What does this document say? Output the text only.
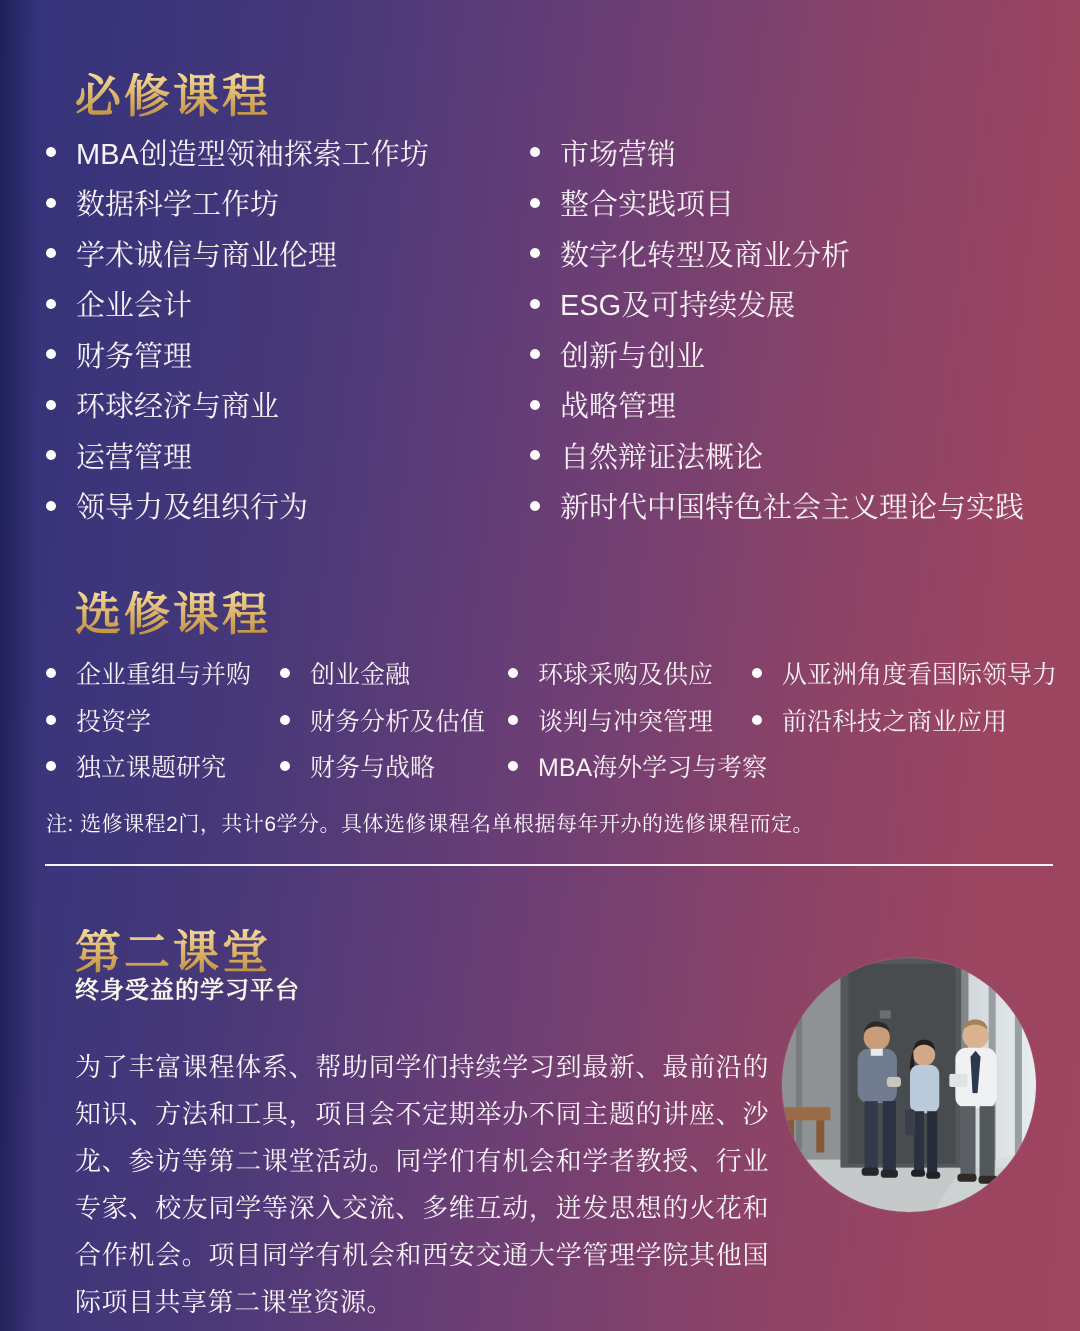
必修课程
MBA创造型领袖探索工作坊
数据科学工作坊
学术诚信与商业伦理
企业会计
财务管理
环球经济与商业
运营管理
领导力及组织行为
市场营销
整合实践项目
数字化转型及商业分析
ESG及可持续发展
创新与创业
战略管理
自然辩证法概论
新时代中国特色社会主义理论与实践
选修课程
企业重组与并购
投资学
独立课题研究
创业金融
财务分析及估值
财务与战略
环球采购及供应
谈判与冲突管理
MBA海外学习与考察
从亚洲角度看国际领导力
前沿科技之商业应用
注: 选修课程2门，共计6学分。具体选修课程名单根据每年开办的选修课程而定。
第二课堂
终身受益的学习平台

为了丰富课程体系、帮助同学们持续学习到最新、最前沿的知识、方法和工具，项目会不定期举办不同主题的讲座、沙龙、参访等第二课堂活动。同学们有机会和学者教授、行业专家、校友同学等深入交流、多维互动，迸发思想的火花和合作机会。项目同学有机会和西安交通大学管理学院其他国际项目共享第二课堂资源。
